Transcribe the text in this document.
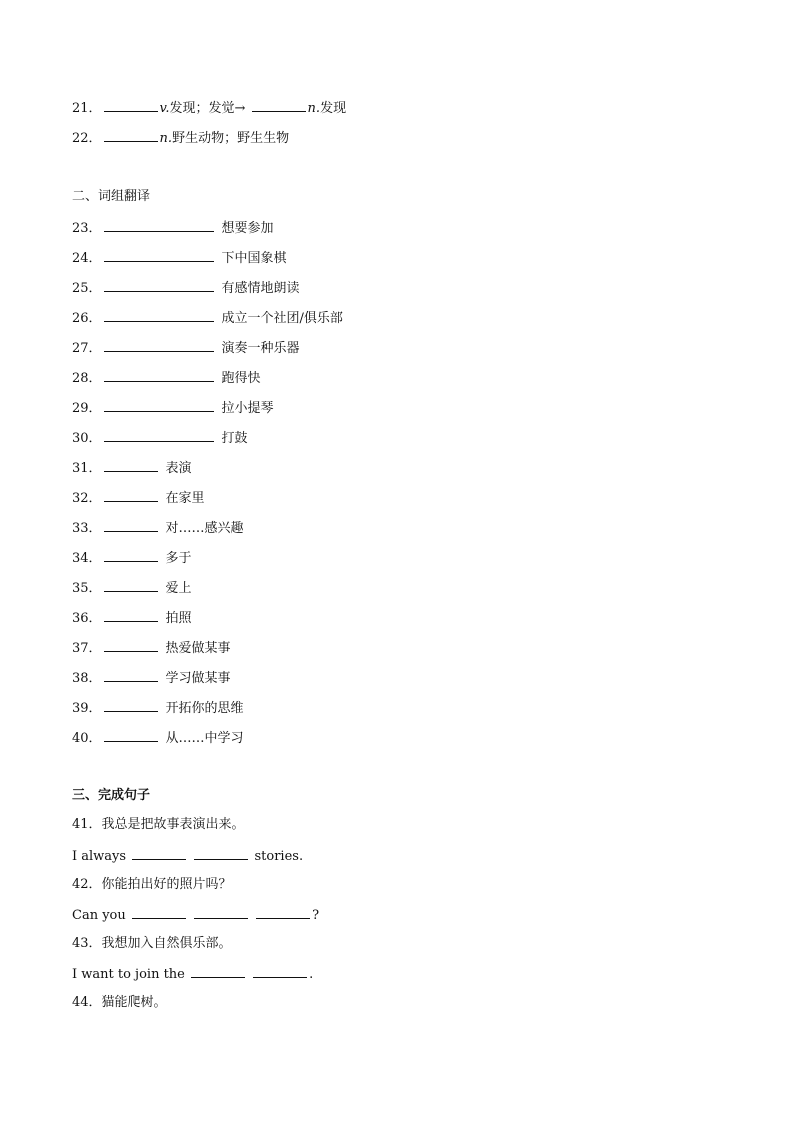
21．	v.发现；发觉→	n.发现
22．	n.野生动物；野生生物
二、词组翻译
23．	想要参加
24．	下中国象棋
25．	有感情地朗读
26．	成立一个社团/俱乐部
27．	演奏一种乐器
28．	跑得快
29．	拉小提琴
30．	打鼓
31．	表演
32．	在家里
33．	对……感兴趣
34．	多于
35．	爱上
36．	拍照
37．	热爱做某事
38．	学习做某事
39．	开拓你的思维
40．	从……中学习
三、完成句子
41．我总是把故事表演出来。
I always	stories.
42．你能拍出好的照片吗？
Can you	?
43．我想加入自然俱乐部。
I want to join the	.
44．猫能爬树。
